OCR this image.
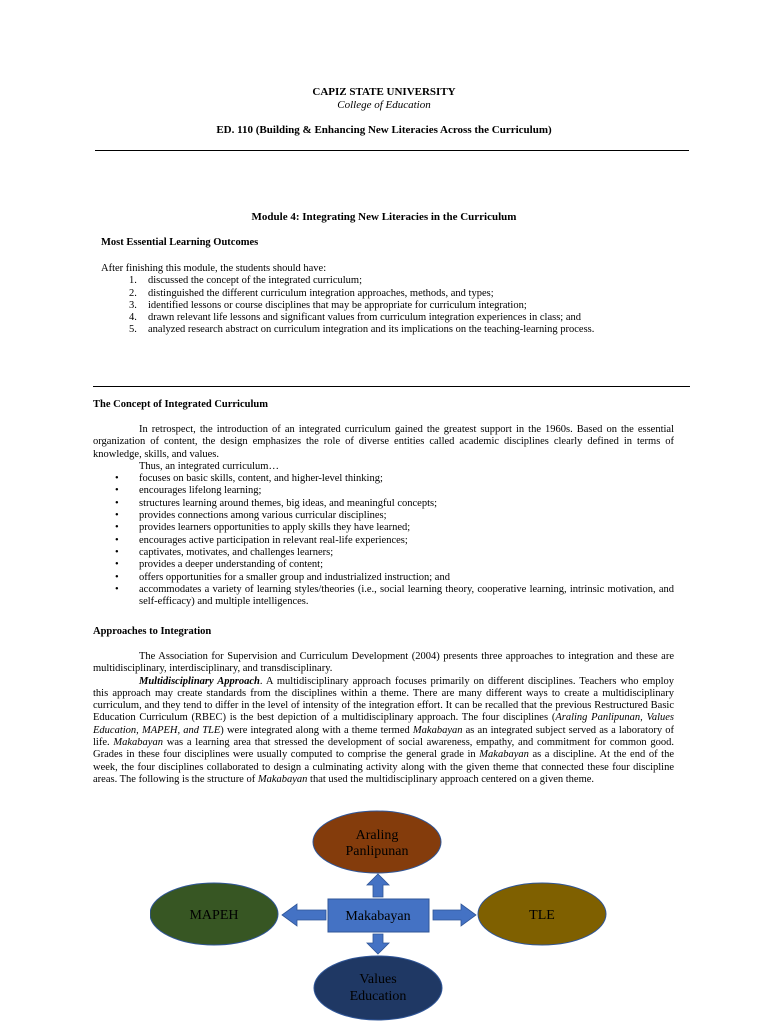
CAPIZ STATE UNIVERSITY
College of Education
ED. 110 (Building & Enhancing New Literacies Across the Curriculum)
Module 4: Integrating New Literacies in the Curriculum
Most Essential Learning Outcomes
After finishing this module, the students should have:
1. discussed the concept of the integrated curriculum;
2. distinguished the different curriculum integration approaches, methods, and types;
3. identified lessons or course disciplines that may be appropriate for curriculum integration;
4. drawn relevant life lessons and significant values from curriculum integration experiences in class; and
5. analyzed research abstract on curriculum integration and its implications on the teaching-learning process.
The Concept of Integrated Curriculum
In retrospect, the introduction of an integrated curriculum gained the greatest support in the 1960s. Based on the essential organization of content, the design emphasizes the role of diverse entities called academic disciplines clearly defined in terms of knowledge, skills, and values.
Thus, an integrated curriculum…
• focuses on basic skills, content, and higher-level thinking;
• encourages lifelong learning;
• structures learning around themes, big ideas, and meaningful concepts;
• provides connections among various curricular disciplines;
• provides learners opportunities to apply skills they have learned;
• encourages active participation in relevant real-life experiences;
• captivates, motivates, and challenges learners;
• provides a deeper understanding of content;
• offers opportunities for a smaller group and industrialized instruction; and
• accommodates a variety of learning styles/theories (i.e., social learning theory, cooperative learning, intrinsic motivation, and self-efficacy) and multiple intelligences.
Approaches to Integration
The Association for Supervision and Curriculum Development (2004) presents three approaches to integration and these are multidisciplinary, interdisciplinary, and transdisciplinary.
Multidisciplinary Approach. A multidisciplinary approach focuses primarily on different disciplines. Teachers who employ this approach may create standards from the disciplines within a theme. There are many different ways to create a multidisciplinary curriculum, and they tend to differ in the level of intensity of the integration effort. It can be recalled that the previous Restructured Basic Education Curriculum (RBEC) is the best depiction of a multidisciplinary approach. The four disciplines (Araling Panlipunan, Values Education, MAPEH, and TLE) were integrated along with a theme termed Makabayan as an integrated subject served as a laboratory of life. Makabayan was a learning area that stressed the development of social awareness, empathy, and commitment for common good. Grades in these four disciplines were usually computed to comprise the general grade in Makabayan as a discipline. At the end of the week, the four disciplines collaborated to design a culminating activity along with the given theme that connected these four discipline areas. The following is the structure of Makabayan that used the multidisciplinary approach centered on a given theme.
Araling
Panlipunan
MAPEH	TLE
Values
Education
Makabayan
